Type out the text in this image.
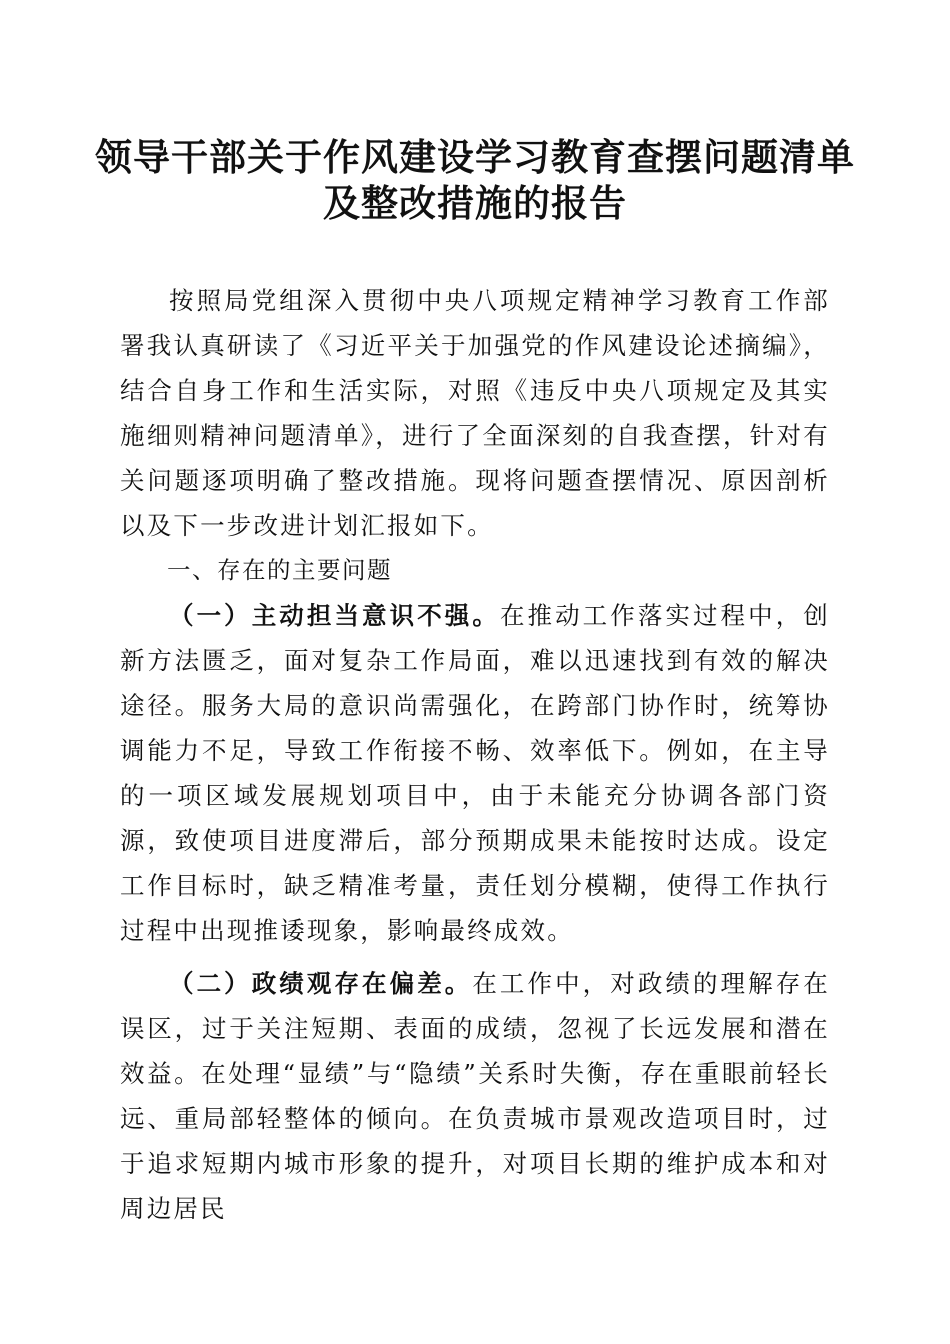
领导干部关于作风建设学习教育查摆问题清单
及整改措施的报告

按照局党组深入贯彻中央八项规定精神学习教育工作部署我认真研读了《习近平关于加强党的作风建设论述摘编》，结合自身工作和生活实际，对照《违反中央八项规定及其实施细则精神问题清单》，进行了全面深刻的自我查摆，针对有关问题逐项明确了整改措施。现将问题查摆情况、原因剖析以及下一步改进计划汇报如下。

一、存在的主要问题

（一）主动担当意识不强。在推动工作落实过程中，创新方法匮乏，面对复杂工作局面，难以迅速找到有效的解决途径。服务大局的意识尚需强化，在跨部门协作时，统筹协调能力不足，导致工作衔接不畅、效率低下。例如，在主导的一项区域发展规划项目中，由于未能充分协调各部门资源，致使项目进度滞后，部分预期成果未能按时达成。设定工作目标时，缺乏精准考量，责任划分模糊，使得工作执行过程中出现推诿现象，影响最终成效。

（二）政绩观存在偏差。在工作中，对政绩的理解存在误区，过于关注短期、表面的成绩，忽视了长远发展和潜在效益。在处理“显绩”与“隐绩”关系时失衡，存在重眼前轻长远、重局部轻整体的倾向。在负责城市景观改造项目时，过于追求短期内城市形象的提升，对项目长期的维护成本和对周边居民
